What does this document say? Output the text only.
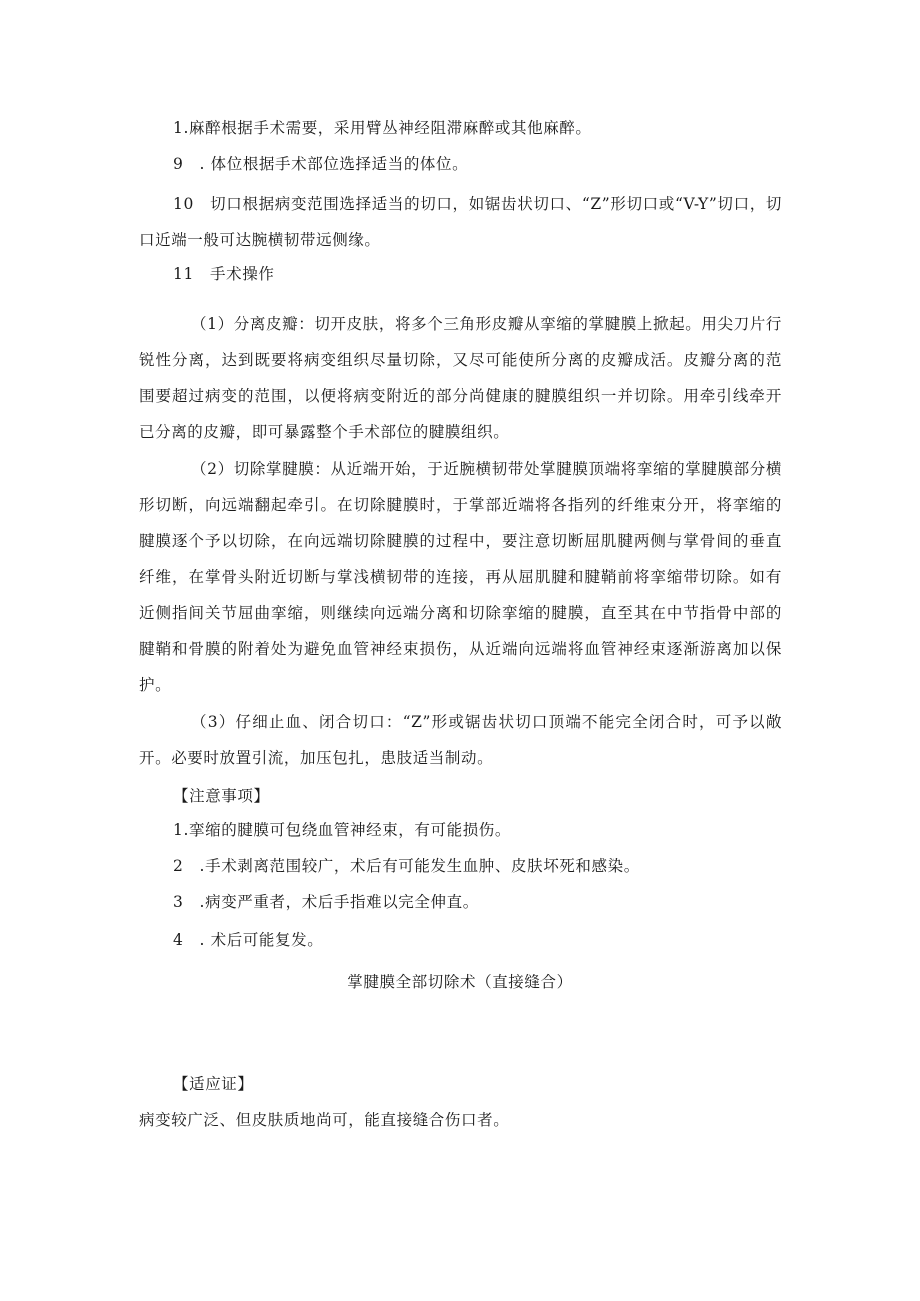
1.麻醉根据手术需要，采用臂丛神经阻滞麻醉或其他麻醉。
9　. 体位根据手术部位选择适当的体位。
10　切口根据病变范围选择适当的切口，如锯齿状切口、“Z”形切口或“V-Y”切口，切口近端一般可达腕横韧带远侧缘。
11　手术操作
（1）分离皮瓣：切开皮肤，将多个三角形皮瓣从挛缩的掌腱膜上掀起。用尖刀片行锐性分离，达到既要将病变组织尽量切除，又尽可能使所分离的皮瓣成活。皮瓣分离的范围要超过病变的范围，以便将病变附近的部分尚健康的腱膜组织一并切除。用牵引线牵开已分离的皮瓣，即可暴露整个手术部位的腱膜组织。
（2）切除掌腱膜：从近端开始，于近腕横韧带处掌腱膜顶端将挛缩的掌腱膜部分横形切断，向远端翻起牵引。在切除腱膜时，于掌部近端将各指列的纤维束分开，将挛缩的腱膜逐个予以切除，在向远端切除腱膜的过程中，要注意切断屈肌腱两侧与掌骨间的垂直纤维，在掌骨头附近切断与掌浅横韧带的连接，再从屈肌腱和腱鞘前将挛缩带切除。如有近侧指间关节屈曲挛缩，则继续向远端分离和切除挛缩的腱膜，直至其在中节指骨中部的腱鞘和骨膜的附着处为避免血管神经束损伤，从近端向远端将血管神经束逐渐游离加以保护。
（3）仔细止血、闭合切口：“Z”形或锯齿状切口顶端不能完全闭合时，可予以敞开。必要时放置引流，加压包扎，患肢适当制动。
【注意事项】
1.挛缩的腱膜可包绕血管神经束，有可能损伤。
2　.手术剥离范围较广，术后有可能发生血肿、皮肤坏死和感染。
3　.病变严重者，术后手指难以完全伸直。
4　. 术后可能复发。
掌腱膜全部切除术（直接缝合）
【适应证】
病变较广泛、但皮肤质地尚可，能直接缝合伤口者。
